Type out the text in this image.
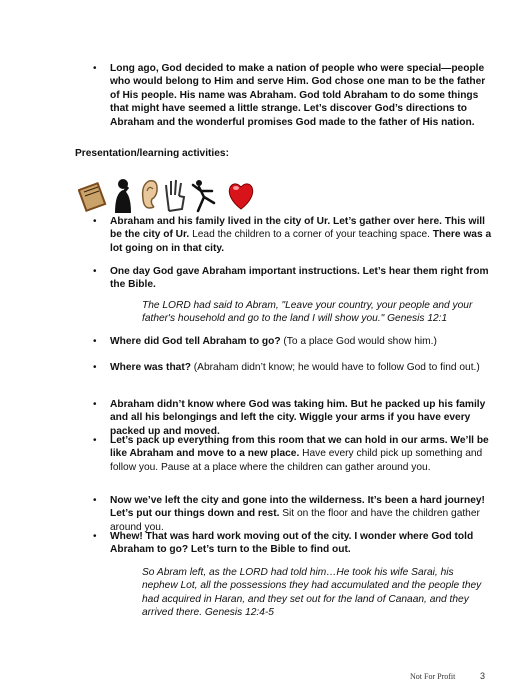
• Long ago, God decided to make a nation of people who were special—people who would belong to Him and serve Him. God chose one man to be the father of His people. His name was Abraham. God told Abraham to do some things that might have seemed a little strange. Let’s discover God’s directions to Abraham and the wonderful promises God made to the father of His nation.
Presentation/learning activities:
• Abraham and his family lived in the city of Ur. Let’s gather over here. This will be the city of Ur. Lead the children to a corner of your teaching space. There was a lot going on in that city.
• One day God gave Abraham important instructions. Let’s hear them right from the Bible.
The LORD had said to Abram, "Leave your country, your people and your father's household and go to the land I will show you." Genesis 12:1
• Where did God tell Abraham to go? (To a place God would show him.)
• Where was that? (Abraham didn’t know; he would have to follow God to find out.)
• Abraham didn’t know where God was taking him. But he packed up his family and all his belongings and left the city. Wiggle your arms if you have every packed up and moved.
• Let’s pack up everything from this room that we can hold in our arms. We’ll be like Abraham and move to a new place. Have every child pick up something and follow you. Pause at a place where the children can gather around you.
• Now we’ve left the city and gone into the wilderness. It’s been a hard journey! Let’s put our things down and rest. Sit on the floor and have the children gather around you.
• Whew! That was hard work moving out of the city. I wonder where God told Abraham to go? Let’s turn to the Bible to find out.
So Abram left, as the LORD had told him…He took his wife Sarai, his nephew Lot, all the possessions they had accumulated and the people they had acquired in Haran, and they set out for the land of Canaan, and they arrived there. Genesis 12:4-5
Not For Profit	3
